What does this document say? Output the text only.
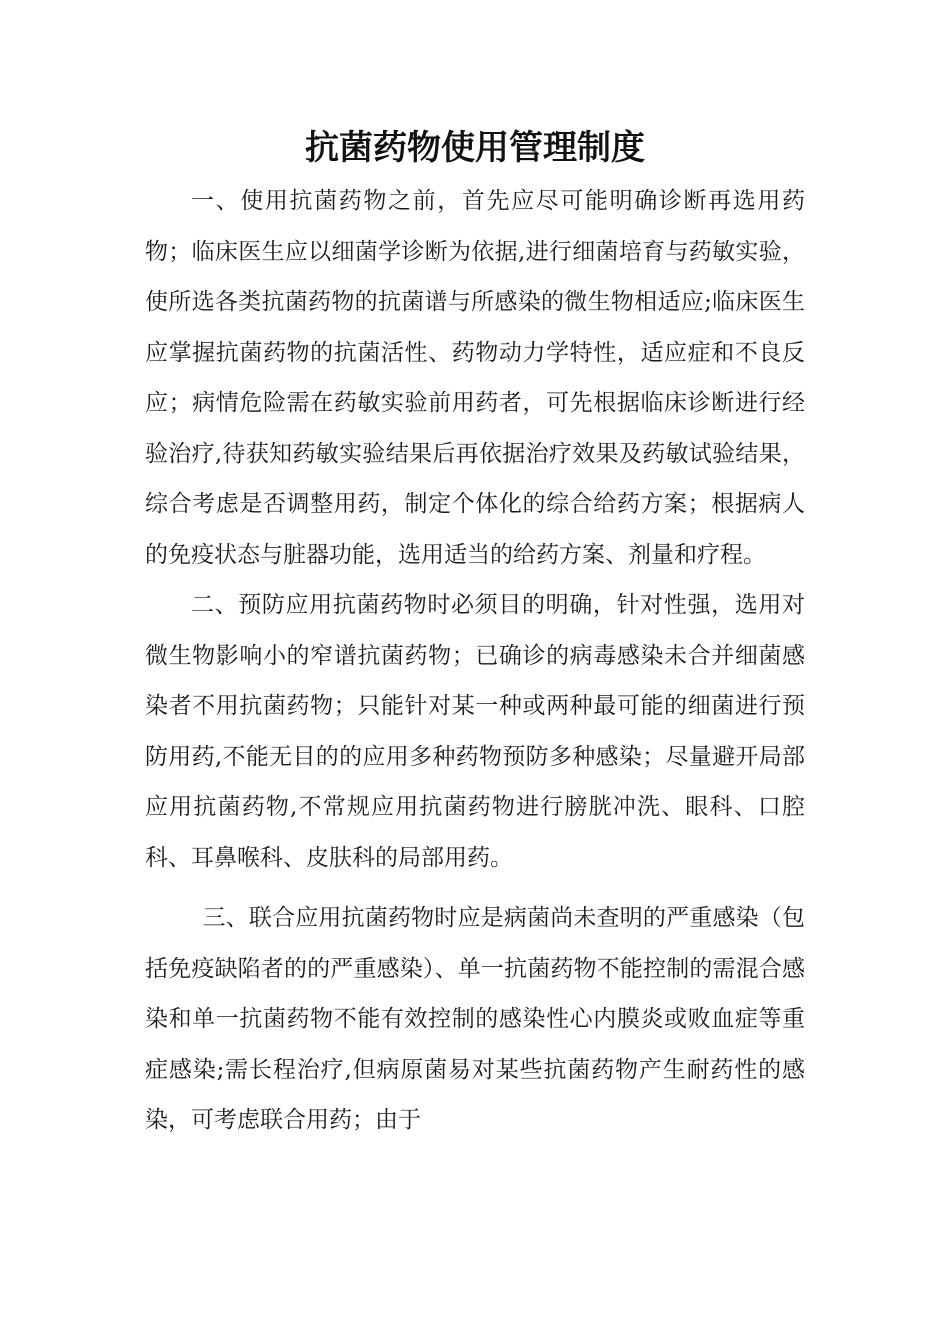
抗菌药物使用管理制度

一、使用抗菌药物之前，首先应尽可能明确诊断再选用药物；临床医生应以细菌学诊断为依据,进行细菌培育与药敏实验，使所选各类抗菌药物的抗菌谱与所感染的微生物相适应;临床医生应掌握抗菌药物的抗菌活性、药物动力学特性，适应症和不良反应；病情危险需在药敏实验前用药者，可先根据临床诊断进行经验治疗,待获知药敏实验结果后再依据治疗效果及药敏试验结果，综合考虑是否调整用药，制定个体化的综合给药方案；根据病人的免疫状态与脏器功能，选用适当的给药方案、剂量和疗程。

二、预防应用抗菌药物时必须目的明确，针对性强，选用对微生物影响小的窄谱抗菌药物；已确诊的病毒感染未合并细菌感染者不用抗菌药物；只能针对某一种或两种最可能的细菌进行预防用药,不能无目的的应用多种药物预防多种感染；尽量避开局部应用抗菌药物,不常规应用抗菌药物进行膀胱冲洗、眼科、口腔科、耳鼻喉科、皮肤科的局部用药。

三、联合应用抗菌药物时应是病菌尚未查明的严重感染（包括免疫缺陷者的的严重感染）、单一抗菌药物不能控制的需混合感染和单一抗菌药物不能有效控制的感染性心内膜炎或败血症等重症感染;需长程治疗,但病原菌易对某些抗菌药物产生耐药性的感染，可考虑联合用药；由于
